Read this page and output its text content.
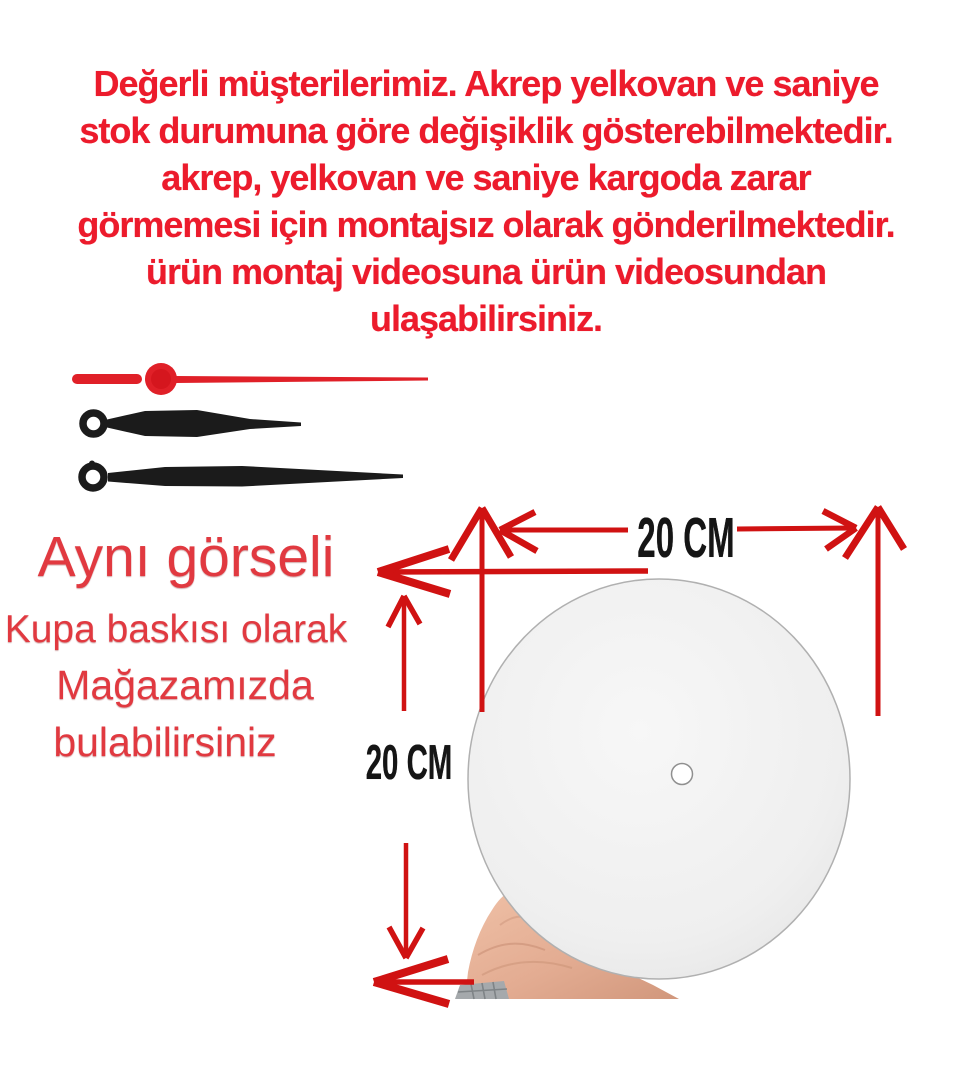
Değerli müşterilerimiz. Akrep yelkovan ve saniye
stok durumuna göre değişiklik gösterebilmektedir.
akrep, yelkovan ve saniye kargoda zarar
görmemesi için montajsız olarak gönderilmektedir.
ürün montaj videosuna ürün videosundan
ulaşabilirsiniz.
Aynı görseli
Kupa baskısı olarak
Mağazamızda
bulabilirsiniz
20 CM
20 CM
